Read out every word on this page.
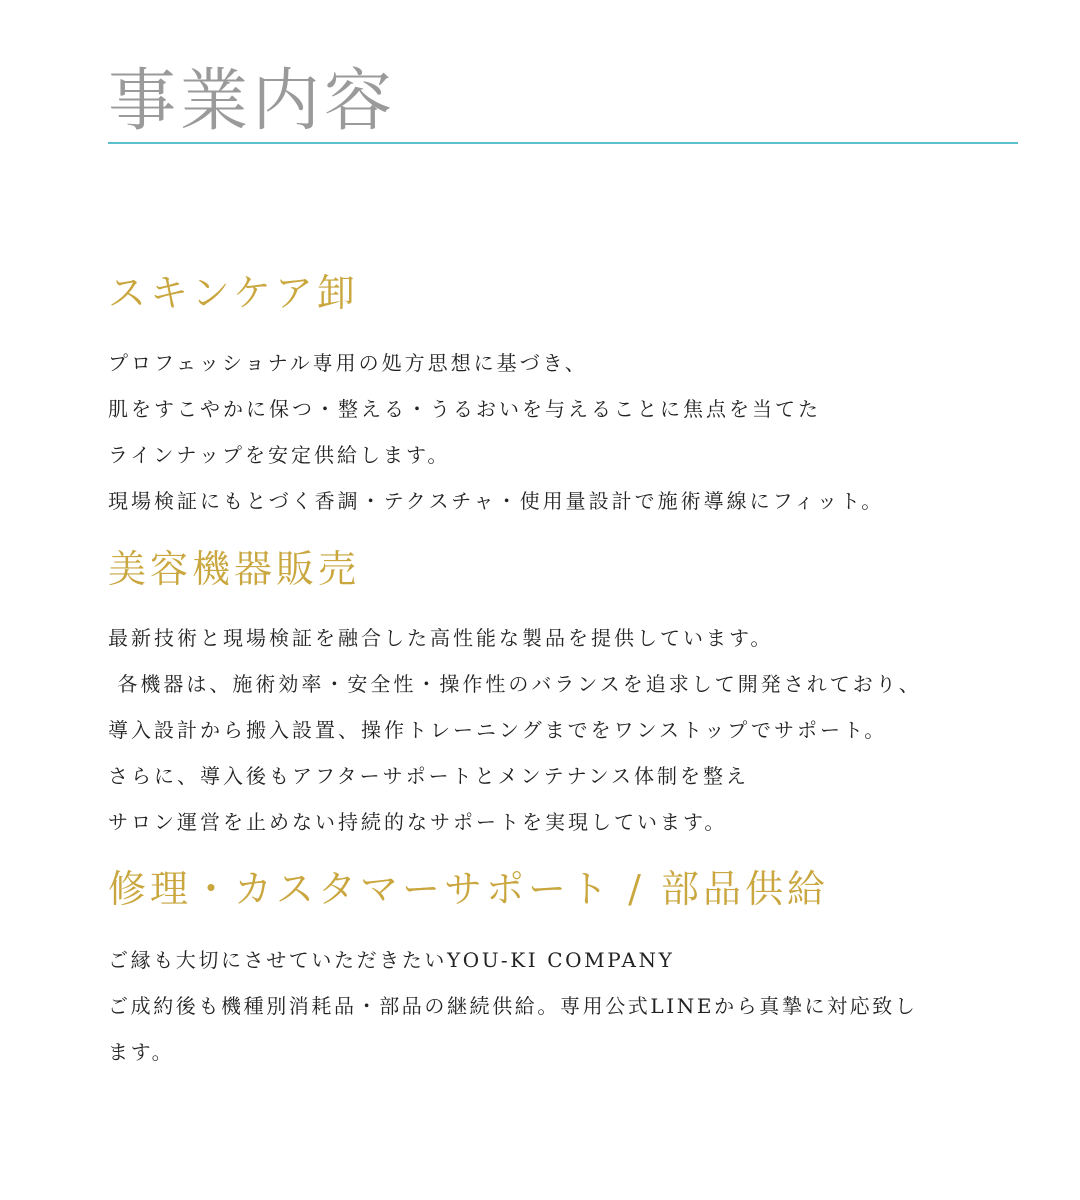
事業内容
スキンケア卸
プロフェッショナル専用の処方思想に基づき、
肌をすこやかに保つ・整える・うるおいを与えることに焦点を当てた
ラインナップを安定供給します。
現場検証にもとづく香調・テクスチャ・使用量設計で施術導線にフィット。
美容機器販売
最新技術と現場検証を融合した高性能な製品を提供しています。
各機器は、施術効率・安全性・操作性のバランスを追求して開発されており、
導入設計から搬入設置、操作トレーニングまでをワンストップでサポート。
さらに、導入後もアフターサポートとメンテナンス体制を整え
サロン運営を止めない持続的なサポートを実現しています。
修理・カスタマーサポート / 部品供給
ご縁も大切にさせていただきたいYOU-KI COMPANY
ご成約後も機種別消耗品・部品の継続供給。専用公式LINEから真摯に対応致し
ます。
